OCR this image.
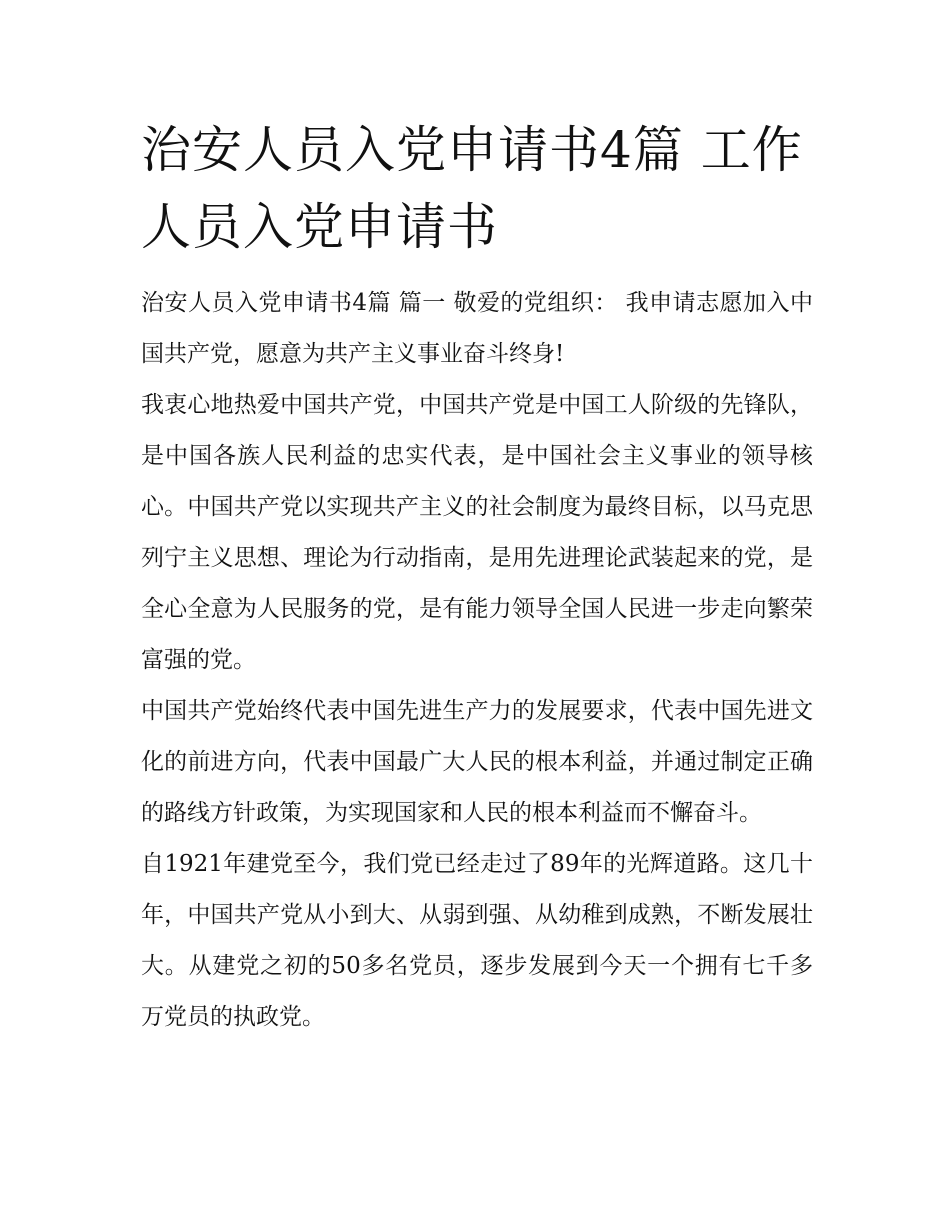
治安人员入党申请书4篇 工作人员入党申请书

治安人员入党申请书4篇 篇一 敬爱的党组织： 我申请志愿加入中国共产党，愿意为共产主义事业奋斗终身!

我衷心地热爱中国共产党，中国共产党是中国工人阶级的先锋队，是中国各族人民利益的忠实代表，是中国社会主义事业的领导核心。中国共产党以实现共产主义的社会制度为最终目标，以马克思列宁主义思想、理论为行动指南，是用先进理论武装起来的党，是全心全意为人民服务的党，是有能力领导全国人民进一步走向繁荣富强的党。

中国共产党始终代表中国先进生产力的发展要求，代表中国先进文化的前进方向，代表中国最广大人民的根本利益，并通过制定正确的路线方针政策，为实现国家和人民的根本利益而不懈奋斗。

自1921年建党至今，我们党已经走过了89年的光辉道路。这几十年，中国共产党从小到大、从弱到强、从幼稚到成熟，不断发展壮大。从建党之初的50多名党员，逐步发展到今天一个拥有七千多万党员的执政党。
